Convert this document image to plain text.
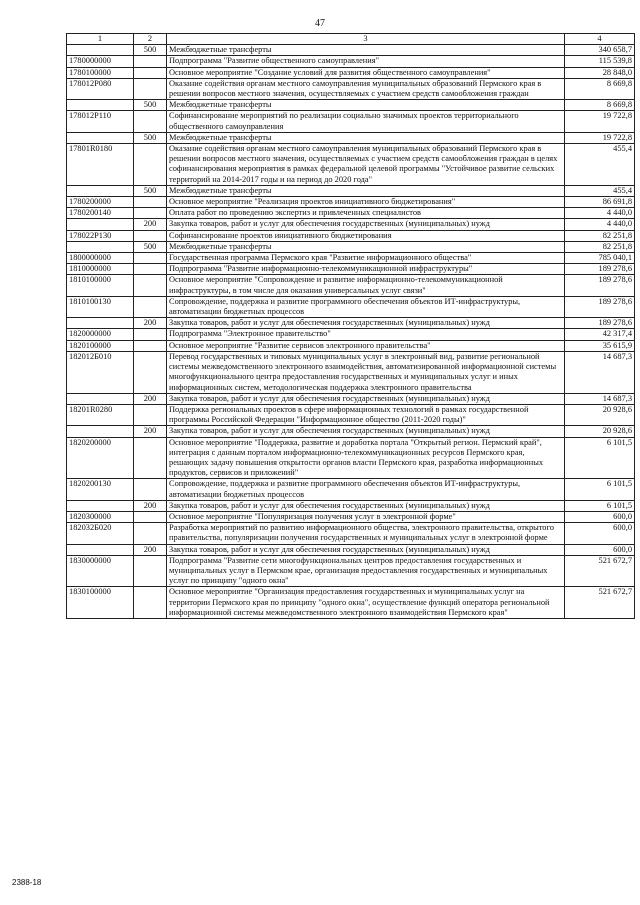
47
1	2	3	4
	500	Межбюджетные трансферты	340 658,7
1780000000		Подпрограмма "Развитие общественного самоуправления"	115 539,8
1780100000		Основное мероприятие "Создание условий для развития общественного самоуправления"	28 848,0
178012Р080		Оказание содействия органам местного самоуправления муниципальных образований Пермского края в решении вопросов местного значения, осуществляемых с участием средств самообложения граждан	8 669,8
	500	Межбюджетные трансферты	8 669,8
178012Р110		Софинансирование мероприятий по реализации социально значимых проектов территориального общественного самоуправления	19 722,8
	500	Межбюджетные трансферты	19 722,8
17801R0180		Оказание содействия органам местного самоуправления муниципальных образований Пермского края в решении вопросов местного значения, осуществляемых с участием средств самообложения граждан в целях софинансирования мероприятия в рамках федеральной целевой программы "Устойчивое развитие сельских территорий на 2014-2017 годы и на период до 2020 года"	455,4
	500	Межбюджетные трансферты	455,4
1780200000		Основное мероприятие "Реализация проектов инициативного бюджетирования"	86 691,8
1780200140		Оплата работ по проведению экспертиз и привлеченных специалистов	4 440,0
	200	Закупка товаров, работ и услуг для обеспечения государственных (муниципальных) нужд	4 440,0
178022Р130		Софинансирование проектов инициативного бюджетирования	82 251,8
	500	Межбюджетные трансферты	82 251,8
1800000000		Государственная программа Пермского края "Развитие информационного общества"	785 040,1
1810000000		Подпрограмма "Развитие информационно-телекоммуникационной инфраструктуры"	189 278,6
1810100000		Основное мероприятие "Сопровождение и развитие информационно-телекоммуникационной инфраструктуры, в том числе для оказания универсальных услуг связи"	189 278,6
1810100130		Сопровождение, поддержка и развитие программного обеспечения объектов ИТ-инфраструктуры, автоматизации бюджетных процессов	189 278,6
	200	Закупка товаров, работ и услуг для обеспечения государственных (муниципальных) нужд	189 278,6
1820000000		Подпрограмма "Электронное правительство"	42 317,4
1820100000		Основное мероприятие "Развитие сервисов электронного правительства"	35 615,9
182012Б010		Перевод государственных и типовых муниципальных услуг в электронный вид, развитие региональной системы межведомственного электронного взаимодействия, автоматизированной информационной системы многофункционального центра предоставления государственных и муниципальных услуг и иных информационных систем, методологическая поддержка электронного правительства	14 687,3
	200	Закупка товаров, работ и услуг для обеспечения государственных (муниципальных) нужд	14 687,3
18201R0280		Поддержка региональных проектов в сфере информационных технологий в рамках государственной программы Российской Федерации "Информационное общество (2011-2020 годы)"	20 928,6
	200	Закупка товаров, работ и услуг для обеспечения государственных (муниципальных) нужд	20 928,6
1820200000		Основное мероприятие "Поддержка, развитие и доработка портала "Открытый регион. Пермский край", интеграция с данным порталом информационно-телекоммуникационных ресурсов Пермского края, решающих задачу повышения открытости органов власти Пермского края, разработка информационных продуктов, сервисов и приложений"	6 101,5
1820200130		Сопровождение, поддержка и развитие программного обеспечения объектов ИТ-инфраструктуры, автоматизации бюджетных процессов	6 101,5
	200	Закупка товаров, работ и услуг для обеспечения государственных (муниципальных) нужд	6 101,5
1820300000		Основное мероприятие "Популяризация получения услуг в электронной форме"	600,0
182032Б020		Разработка мероприятий по развитию информационного общества, электронного правительства, открытого правительства, популяризации получения государственных и муниципальных услуг в электронной форме	600,0
	200	Закупка товаров, работ и услуг для обеспечения государственных (муниципальных) нужд	600,0
1830000000		Подпрограмма "Развитие сети многофункциональных центров предоставления государственных и муниципальных услуг в Пермском крае, организация предоставления государственных и муниципальных услуг по принципу "одного окна"	521 672,7
1830100000		Основное мероприятие "Организация предоставления государственных и муниципальных услуг на территории Пермского края по принципу "одного окна", осуществление функций оператора региональной информационной системы межведомственного электронного взаимодействия Пермского края"	521 672,7
2388-18
